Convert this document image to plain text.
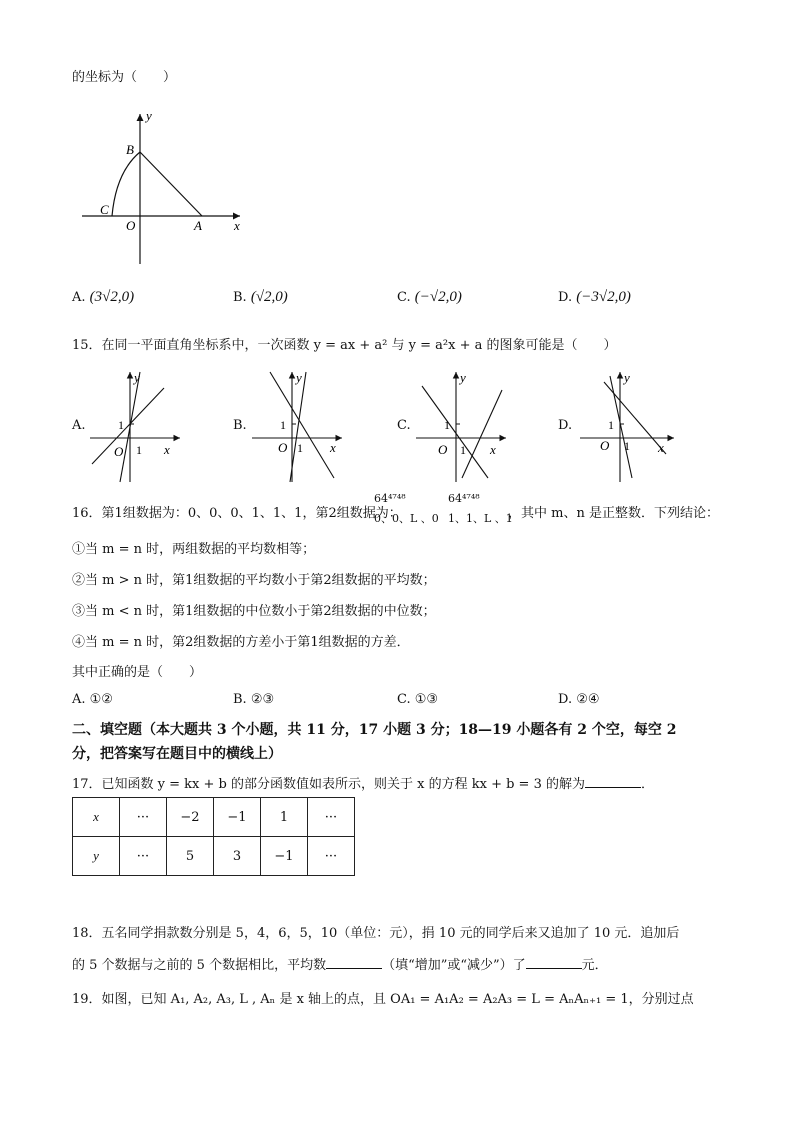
的坐标为（　　）
y
B
C
O	A x
A. (3√2,0)	B. (√2,0)	C. (−√2,0)	D. (−3√2,0)
15．在同一平面直角坐标系中，一次函数 y = ax + a² 与 y = a²x + a 的图象可能是（　　）
A.	B.	C.	D.
y
1
O 1 x
y
1
O 1 x
y
1
O 1 x
y
1
O 1 x
16．第1组数据为：0、0、0、1、1、1，第2组数据为：
64⁴⁷⁴⁸
0、0、L 、0
64⁴⁷⁴⁸
1、1、L 、1
，其中 m、n 是正整数．下列结论：
①当 m = n 时，两组数据的平均数相等；
②当 m > n 时，第1组数据的平均数小于第2组数据的平均数；
③当 m < n 时，第1组数据的中位数小于第2组数据的中位数；
④当 m = n 时，第2组数据的方差小于第1组数据的方差．
其中正确的是（　　）
A. ①②	B. ②③	C. ①③	D. ②④
二、填空题（本大题共 3 个小题，共 11 分，17 小题 3 分；18—19 小题各有 2 个空，每空 2
分，把答案写在题目中的横线上）
17．已知函数 y = kx + b 的部分函数值如表所示，则关于 x 的方程 kx + b = 3 的解为	．
x	···	−2	−1	1	···
y	···	5	3	−1	···
18．五名同学捐款数分别是 5，4，6，5，10（单位：元），捐 10 元的同学后来又追加了 10 元．追加后
的 5 个数据与之前的 5 个数据相比，平均数	（填“增加”或“减少”）了	元．
19．如图，已知 A₁, A₂, A₃, L , Aₙ 是 x 轴上的点，且 OA₁ = A₁A₂ = A₂A₃ = L = AₙAₙ₊₁ = 1，分别过点
